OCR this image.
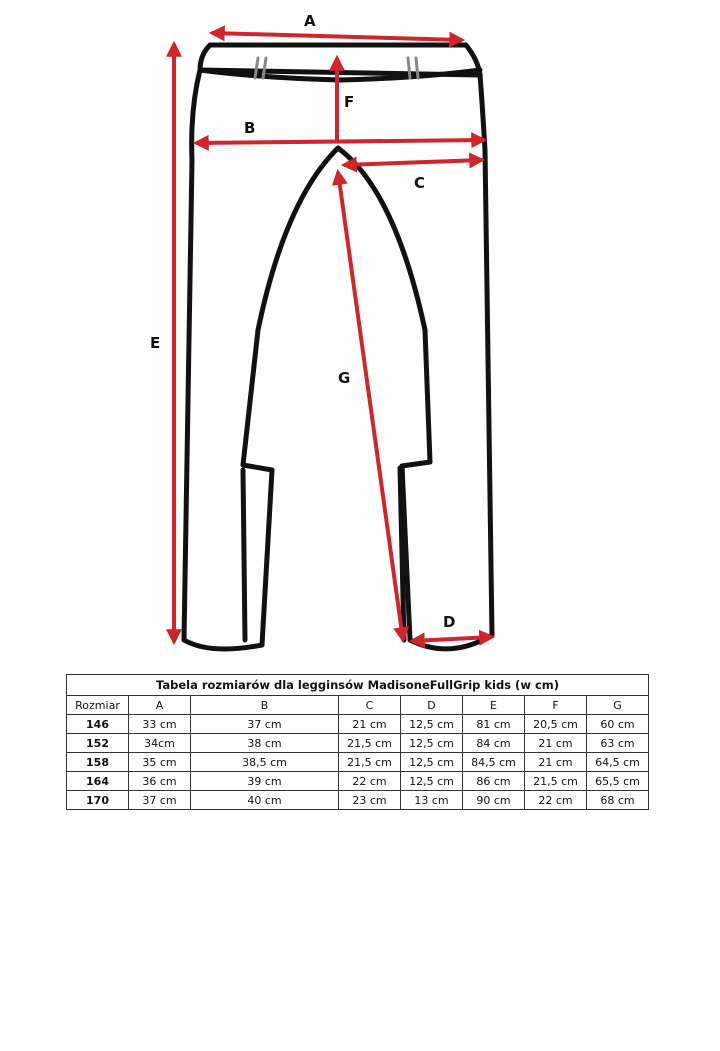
A
B
C
D
E
F
G
Tabela rozmiarów dla legginsów MadisoneFullGrip kids (w cm)
Rozmiar	A	B	C	D	E	F	G
146	33 cm	37 cm	21 cm	12,5 cm	81 cm	20,5 cm	60 cm
152	34cm	38 cm	21,5 cm	12,5 cm	84 cm	21 cm	63 cm
158	35 cm	38,5 cm	21,5 cm	12,5 cm	84,5 cm	21 cm	64,5 cm
164	36 cm	39 cm	22 cm	12,5 cm	86 cm	21,5 cm	65,5 cm
170	37 cm	40 cm	23 cm	13 cm	90 cm	22 cm	68 cm
